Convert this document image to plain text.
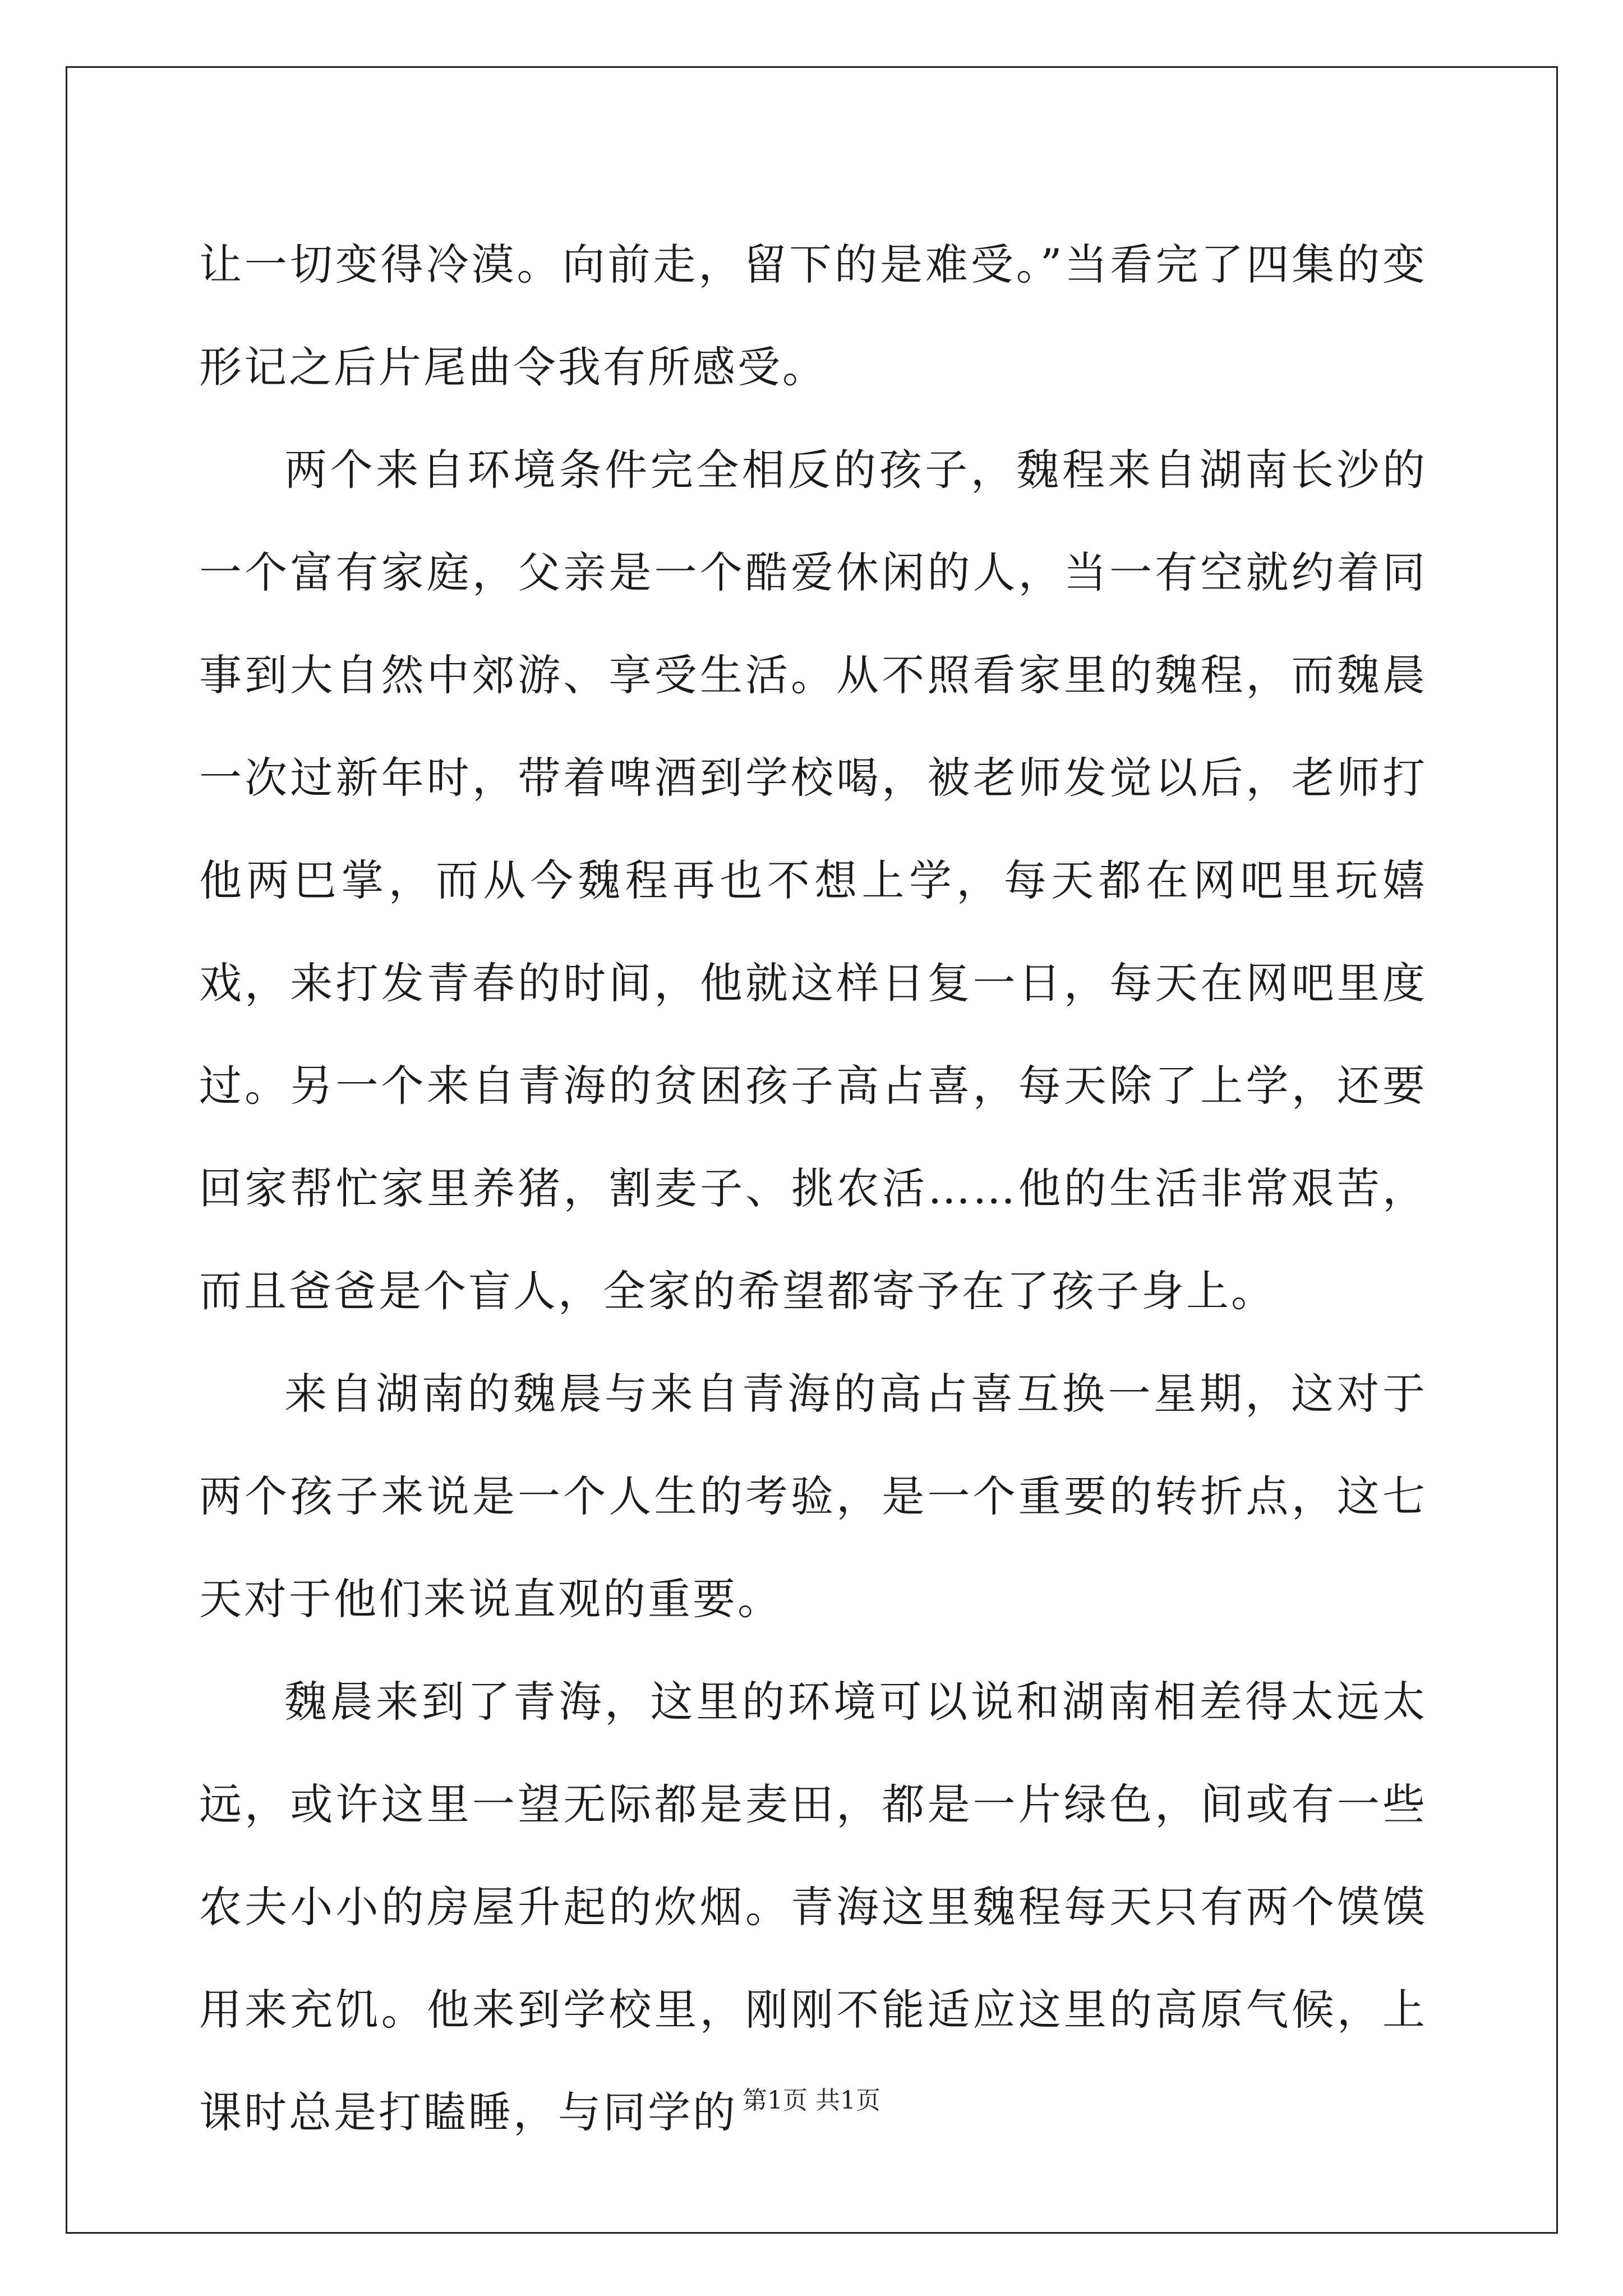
让一切变得冷漠。向前走，留下的是难受。”当看完了四集的变形记之后片尾曲令我有所感受。

两个来自环境条件完全相反的孩子，魏程来自湖南长沙的一个富有家庭，父亲是一个酷爱休闲的人，当一有空就约着同事到大自然中郊游、享受生活。从不照看家里的魏程，而魏晨一次过新年时，带着啤酒到学校喝，被老师发觉以后，老师打他两巴掌，而从今魏程再也不想上学，每天都在网吧里玩嬉戏，来打发青春的时间，他就这样日复一日，每天在网吧里度过。另一个来自青海的贫困孩子高占喜，每天除了上学，还要回家帮忙家里养猪，割麦子、挑农活……他的生活非常艰苦，而且爸爸是个盲人，全家的希望都寄予在了孩子身上。

来自湖南的魏晨与来自青海的高占喜互换一星期，这对于两个孩子来说是一个人生的考验，是一个重要的转折点，这七天对于他们来说直观的重要。

魏晨来到了青海，这里的环境可以说和湖南相差得太远太远，或许这里一望无际都是麦田，都是一片绿色，间或有一些农夫小小的房屋升起的炊烟。青海这里魏程每天只有两个馍馍用来充饥。他来到学校里，刚刚不能适应这里的高原气候，上课时总是打瞌睡，与同学的 第1页 共1页
